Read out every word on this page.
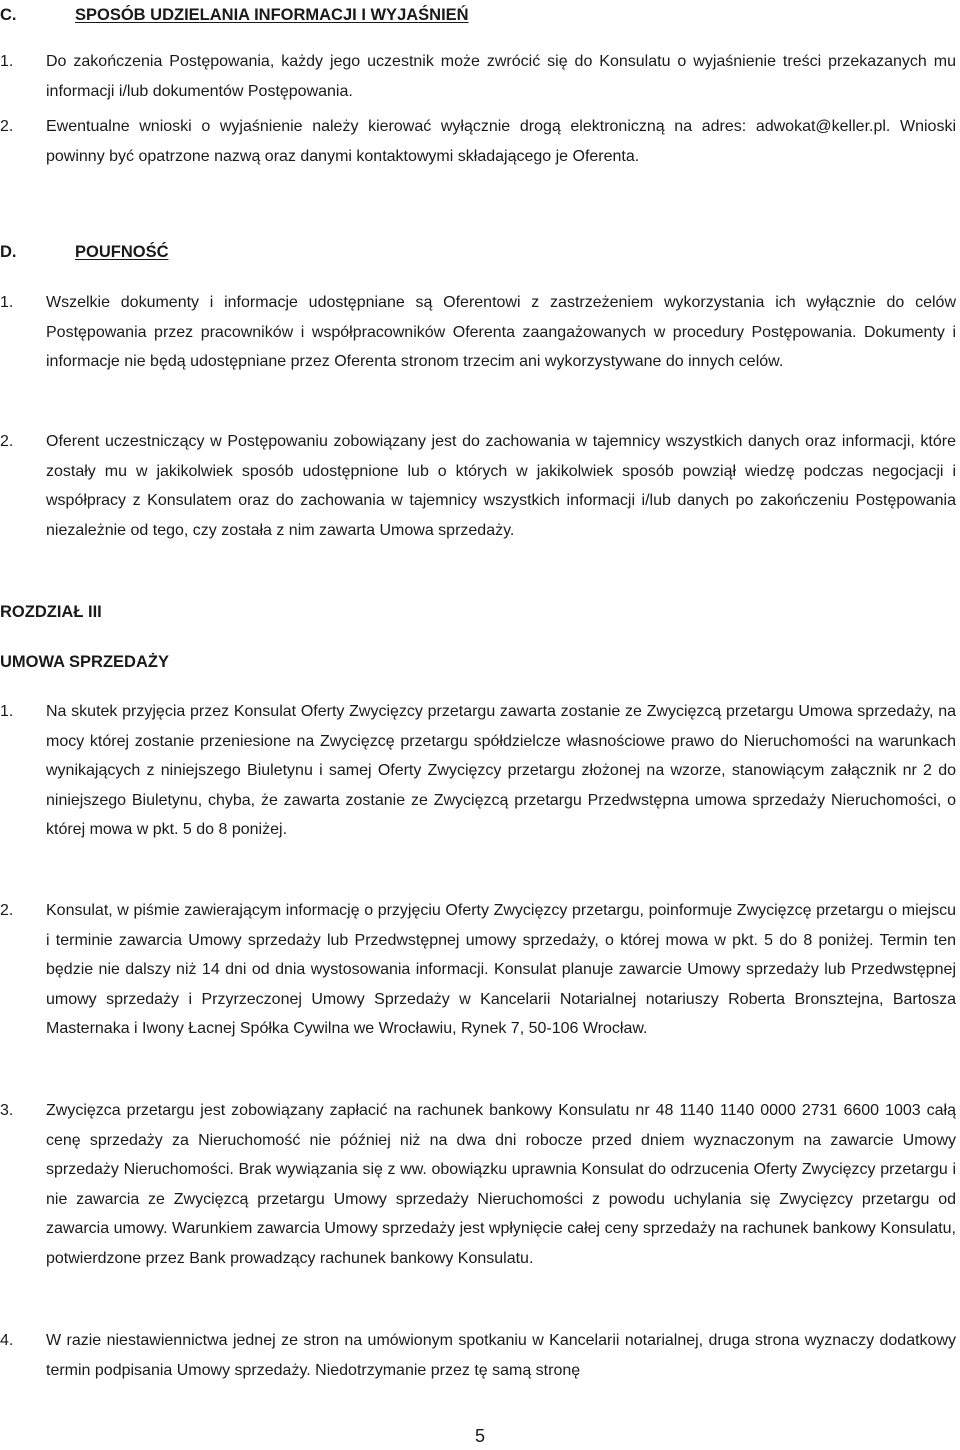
C.	SPOSÓB UDZIELANIA INFORMACJI I WYJAŚNIEŃ
1.	Do zakończenia Postępowania, każdy jego uczestnik może zwrócić się do Konsulatu o wyjaśnienie treści przekazanych mu informacji i/lub dokumentów Postępowania.
2.	Ewentualne wnioski o wyjaśnienie należy kierować wyłącznie drogą elektroniczną na adres: adwokat@keller.pl. Wnioski powinny być opatrzone nazwą oraz danymi kontaktowymi składającego je Oferenta.
D.	POUFNOŚĆ
1.	Wszelkie dokumenty i informacje udostępniane są Oferentowi z zastrzeżeniem wykorzystania ich wyłącznie do celów Postępowania przez pracowników i współpracowników Oferenta zaangażowanych w procedury Postępowania. Dokumenty i informacje nie będą udostępniane przez Oferenta stronom trzecim ani wykorzystywane do innych celów.
2.	Oferent uczestniczący w Postępowaniu zobowiązany jest do zachowania w tajemnicy wszystkich danych oraz informacji, które zostały mu w jakikolwiek sposób udostępnione lub o których w jakikolwiek sposób powziął wiedzę podczas negocjacji i współpracy z Konsulatem oraz do zachowania w tajemnicy wszystkich informacji i/lub danych po zakończeniu Postępowania niezależnie od tego, czy została z nim zawarta Umowa sprzedaży.
ROZDZIAŁ III
UMOWA SPRZEDAŻY
1.	Na skutek przyjęcia przez Konsulat Oferty Zwycięzcy przetargu zawarta zostanie ze Zwycięzcą przetargu Umowa sprzedaży, na mocy której zostanie przeniesione na Zwycięzcę przetargu spółdzielcze własnościowe prawo do Nieruchomości na warunkach wynikających z niniejszego Biuletynu i samej Oferty Zwycięzcy przetargu złożonej na wzorze, stanowiącym załącznik nr 2 do niniejszego Biuletynu, chyba, że zawarta zostanie ze Zwycięzcą przetargu Przedwstępna umowa sprzedaży Nieruchomości, o której mowa w pkt. 5 do 8 poniżej.
2.	Konsulat, w piśmie zawierającym informację o przyjęciu Oferty Zwycięzcy przetargu, poinformuje Zwycięzcę przetargu o miejscu i terminie zawarcia Umowy sprzedaży lub Przedwstępnej umowy sprzedaży, o której mowa w pkt. 5 do 8 poniżej. Termin ten będzie nie dalszy niż 14 dni od dnia wystosowania informacji. Konsulat planuje zawarcie Umowy sprzedaży lub Przedwstępnej umowy sprzedaży i Przyrzeczonej Umowy Sprzedaży w Kancelarii Notarialnej notariuszy Roberta Bronsztejna, Bartosza Masternaka i Iwony Łacnej Spółka Cywilna we Wrocławiu, Rynek 7, 50-106 Wrocław.
3.	Zwycięzca przetargu jest zobowiązany zapłacić na rachunek bankowy Konsulatu nr 48 1140 1140 0000 2731 6600 1003 całą cenę sprzedaży za Nieruchomość nie później niż na dwa dni robocze przed dniem wyznaczonym na zawarcie Umowy sprzedaży Nieruchomości. Brak wywiązania się z ww. obowiązku uprawnia Konsulat do odrzucenia Oferty Zwycięzcy przetargu i nie zawarcia ze Zwycięzcą przetargu Umowy sprzedaży Nieruchomości z powodu uchylania się Zwycięzcy przetargu od zawarcia umowy. Warunkiem zawarcia Umowy sprzedaży jest wpłynięcie całej ceny sprzedaży na rachunek bankowy Konsulatu, potwierdzone przez Bank prowadzący rachunek bankowy Konsulatu.
4.	W razie niestawiennictwa jednej ze stron na umówionym spotkaniu w Kancelarii notarialnej, druga strona wyznaczy dodatkowy termin podpisania Umowy sprzedaży. Niedotrzymanie przez tę samą stronę
5
